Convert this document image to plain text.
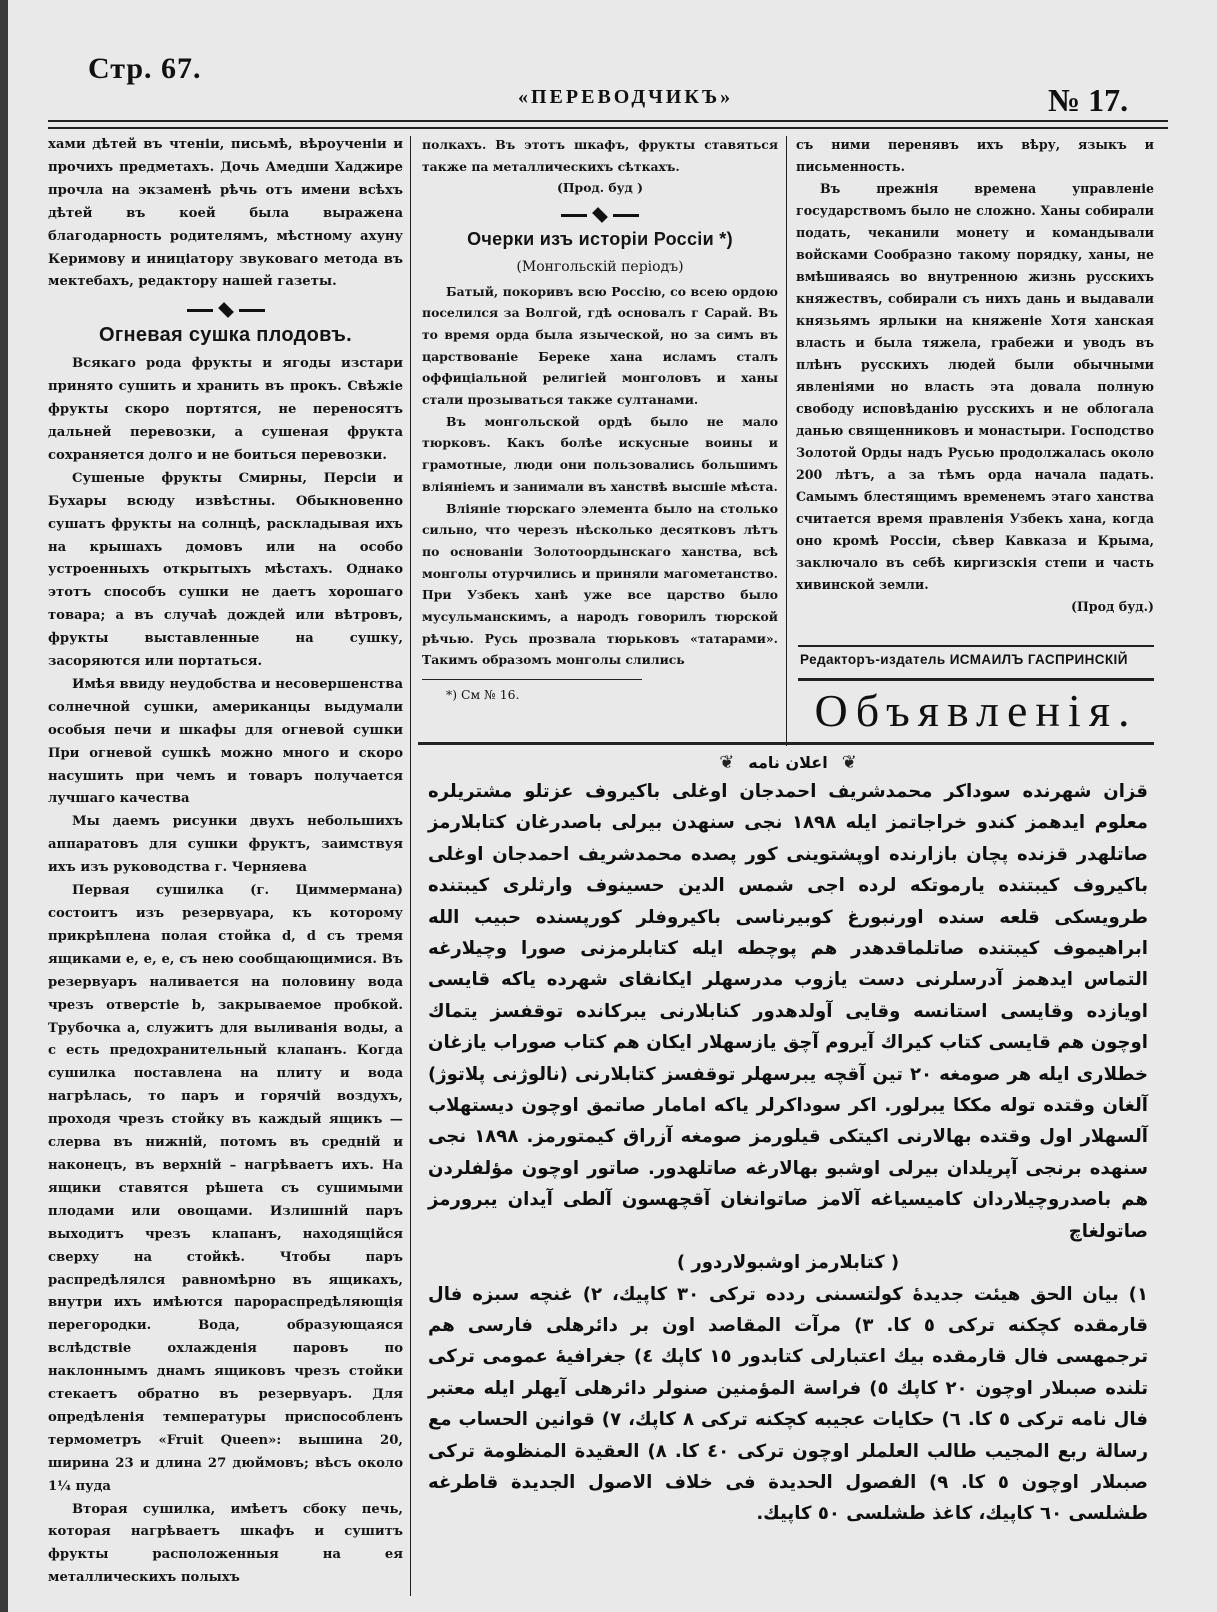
Стр. 67.
«ПЕРЕВОДЧИКЪ»	№ 17.

хами дѣтей въ чтеніи, письмѣ, вѣроученіи и прочихъ предметахъ. Дочь Амедши Хаджире прочла на экзаменѣ рѣчь отъ имени всѣхъ дѣтей въ коей была выражена благодарность родителямъ, мѣстному ахуну Керимову и иниціатору звуковаго метода въ мектебахъ, редактору нашей газеты.

Огневая сушка плодовъ.

Всякаго рода фрукты и ягоды изстари принято сушить и хранить въ прокъ. Свѣжіе фрукты скоро портятся, не переносятъ дальней перевозки, а сушеная фрукта сохраняется долго и не боиться перевозки.

Сушеные фрукты Смирны, Персіи и Бухары всюду извѣстны. Обыкновенно сушатъ фрукты на солнцѣ, раскладывая ихъ на крышахъ домовъ или на особо устроенныхъ открытыхъ мѣстахъ. Однако этотъ способъ сушки не даетъ хорошаго товара; а въ случаѣ дождей или вѣтровъ, фрукты выставленные на сушку, засоряются или портаться.

Имѣя ввиду неудобства и несовершенства солнечной сушки, американцы выдумали особыя печи и шкафы для огневой сушки При огневой сушкѣ можно много и скоро насушить при чемъ и товаръ получается лучшаго качества

Мы даемъ рисунки двухъ небольшихъ аппаратовъ для сушки фруктъ, заимствуя ихъ изъ руководства г. Черняева

Первая сушилка (г. Циммермана) состоитъ изъ резервуара, къ которому прикрѣплена полая стойка d, d съ тремя ящиками e, e, e, съ нею сообщающимися. Въ резервуаръ наливается на половину вода чрезъ отверстіе b, закрываемое пробкой. Трубочка a, служитъ для выливанія воды, а c есть предохранительный клапанъ. Когда сушилка поставлена на плиту и вода нагрѣлась, то паръ и горячій воздухъ, проходя чрезъ стойку въ каждый ящикъ —слерва въ нижній, потомъ въ средній и наконецъ, въ верхній – нагрѣваетъ ихъ. На ящики ставятся рѣшета съ сушимыми плодами или овощами. Излишній паръ выходитъ чрезъ клапанъ, находящійся сверху на стойкѣ. Чтобы паръ распредѣлялся равномѣрно въ ящикахъ, внутри ихъ имѣются парораспредѣляющія перегородки. Вода, образующаяся вслѣдствіе охлажденія паровъ по наклоннымъ днамъ ящиковъ чрезъ стойки стекаетъ обратно въ резервуаръ. Для опредѣленія температуры приспособленъ термометръ «Fruit Queen»: вышина 20, ширина 23 и длина 27 дюймовъ; вѣсъ около 1¼ пуда

Вторая сушилка, имѣетъ сбоку печь, которая нагрѣваетъ шкафъ и сушитъ фрукты расположенныя на ея металлическихъ полыхъ

полкахъ. Въ этотъ шкафъ, фрукты ставяться также па металлическихъ сѣткахъ.

(Прод. буд )

Очерки изъ исторіи Россіи *)
(Монгольскій періодъ)

Батый, покоривъ всю Россію, со всею ордою поселился за Волгой, гдѣ основалъ г Сарай. Въ то время орда была языческой, но за симъ въ царствованіе Береке хана исламъ сталъ оффиціальной религіей монголовъ и ханы стали прозываться также султанами.

Въ монгольской ордѣ было не мало тюрковъ. Какъ болѣе искусные воины и грамотные, люди они пользовались большимъ вліяніемъ и занимали въ ханствѣ высшіе мѣста.

Вліяніе тюрскаго элемента было на столько сильно, что черезъ нѣсколько десятковъ лѣтъ по основаніи Золотоордынскаго ханства, всѣ монголы отурчились и приняли магометанство. При Узбекъ ханѣ уже все царство было мусульманскимъ, а народъ говорилъ тюрской рѣчью. Русь прозвала тюрьковъ «татарами». Такимъ образомъ монголы слились

*) См № 16.

съ ними перенявъ ихъ вѣру, языкъ и письменность.

Въ прежнія времена управленіе государствомъ было не сложно. Ханы собирали подать, чеканили монету и командывали войсками Сообразно такому порядку, ханы, не вмѣшиваясь во внутренною жизнь русскихъ княжествъ, собирали съ нихъ дань и выдавали князьямъ ярлыки на княженіе Хотя ханская власть и была тяжела, грабежи и уводъ въ плѣнъ русскихъ людей были обычными явленіями но власть эта довала полную свободу исповѣданію русскихъ и не облогала данью священниковъ и монастыри. Господство Золотой Орды надъ Русью продолжалась около 200 лѣтъ, а за тѣмъ орда начала падать. Самымъ блестящимъ временемъ этаго ханства считается время правленія Узбекъ хана, когда оно кромѣ Россіи, сѣвер Кавказа и Крыма, заключало въ себѣ киргизскія степи и часть хивинской земли.

(Прод буд.)

Редакторъ-издатель ИСМАИЛЪ ГАСПРИНСКІЙ
Объявленія.
❦
اعلان نامه
❦

قزان شهرنده سوداكر محمدشريف احمدجان اوغلى باكيروف عزتلو مشتريلره معلوم ايدهمز كندو خراجاتمز ايله ١٨٩٨ نجى سنهدن بيرلى باصدرغان كتابلارمز صاتلهدر قزنده پچان بازارنده اوپشتوينى كور پصده محمدشريف احمدجان اوغلى باكيروف كيبتنده يارموتكه لرده اجى شمس الدين حسينوف وارثلرى كيبتنده طرويسكى قلعه سنده اورنبورغ كوبيرناسى باكيروفلر كورپسنده حبيب الله ابراهيموف كيبتنده صاتلماقدهدر هم پوچطه ايله كتابلرمزنى صورا وچيلارغه التماس ايدهمز آدرسلرنى دست يازوب مدرسهلر ايكانقاى شهرده ياكه قايسى اويازده وقايسى استانسه وقايى آولدهدور كنابلارنى يبركانده توقفسز يتماك اوچون هم قايسى كتاب كيراك آيروم آچق يازسهلار ايكان هم كتاب صوراب يازغان خطلارى ايله هر صومغه ٢٠ تين آقچه يبرسهلر توقفسز كتابلارنى (نالوژنى پلاتوژ) آلغان وقتده توله مككا يبرلور. اكر سوداكرلر ياكه امامار صاتمق اوچون ديستهلاب آلسهلار اول وقتده بهالارنى اكيتكى قيلورمز صومغه آزراق كيمتورمز. ١٨٩٨ نجى سنهده برنجى آپريلدان بيرلى اوشبو بهالارغه صاتلهدور. صاتور اوچون مؤلفلردن هم باصدروچيلاردان كاميسياغه آلامز صاتوانغان آقچهسون آلطى آيدان يبرورمز صاتولغاچ

( كتابلارمز اوشبولاردور )

١) بيان الحق هيئت جديدهٔ كولتسىنى ردده تركى ٣٠ كاپيك، ٢) غنچه سبزه فال قارمقده كچكنه تركى ٥ كا. ٣) مرآت المقاصد اون بر دائرهلى فارسى هم ترجمهسى فال قارمقده بيك اعتبارلى كتابدور ١٥ كاپك ٤) جغرافيهٔ عمومى تركى تلنده صبىلار اوچون ٢٠ كاپك ٥) فراسة المؤمنين صنولر دائرهلى آيهلر ايله معتبر فال نامه تركى ٥ كا. ٦) حكايات عجيبه كچكنه تركى ٨ كاپك، ٧) قوانين الحساب مع رسالة ربع المجيب طالب العلملر اوچون تركى ٤٠ كا. ٨) العقيدة المنظومة تركى صبىلار اوچون ٥ كا. ٩) الفصول الحديدة فى خلاف الاصول الجديدة قاطرغه طشلسى ٦٠ كاپيك، كاغذ طشلسى ٥٠ كاپيك.
